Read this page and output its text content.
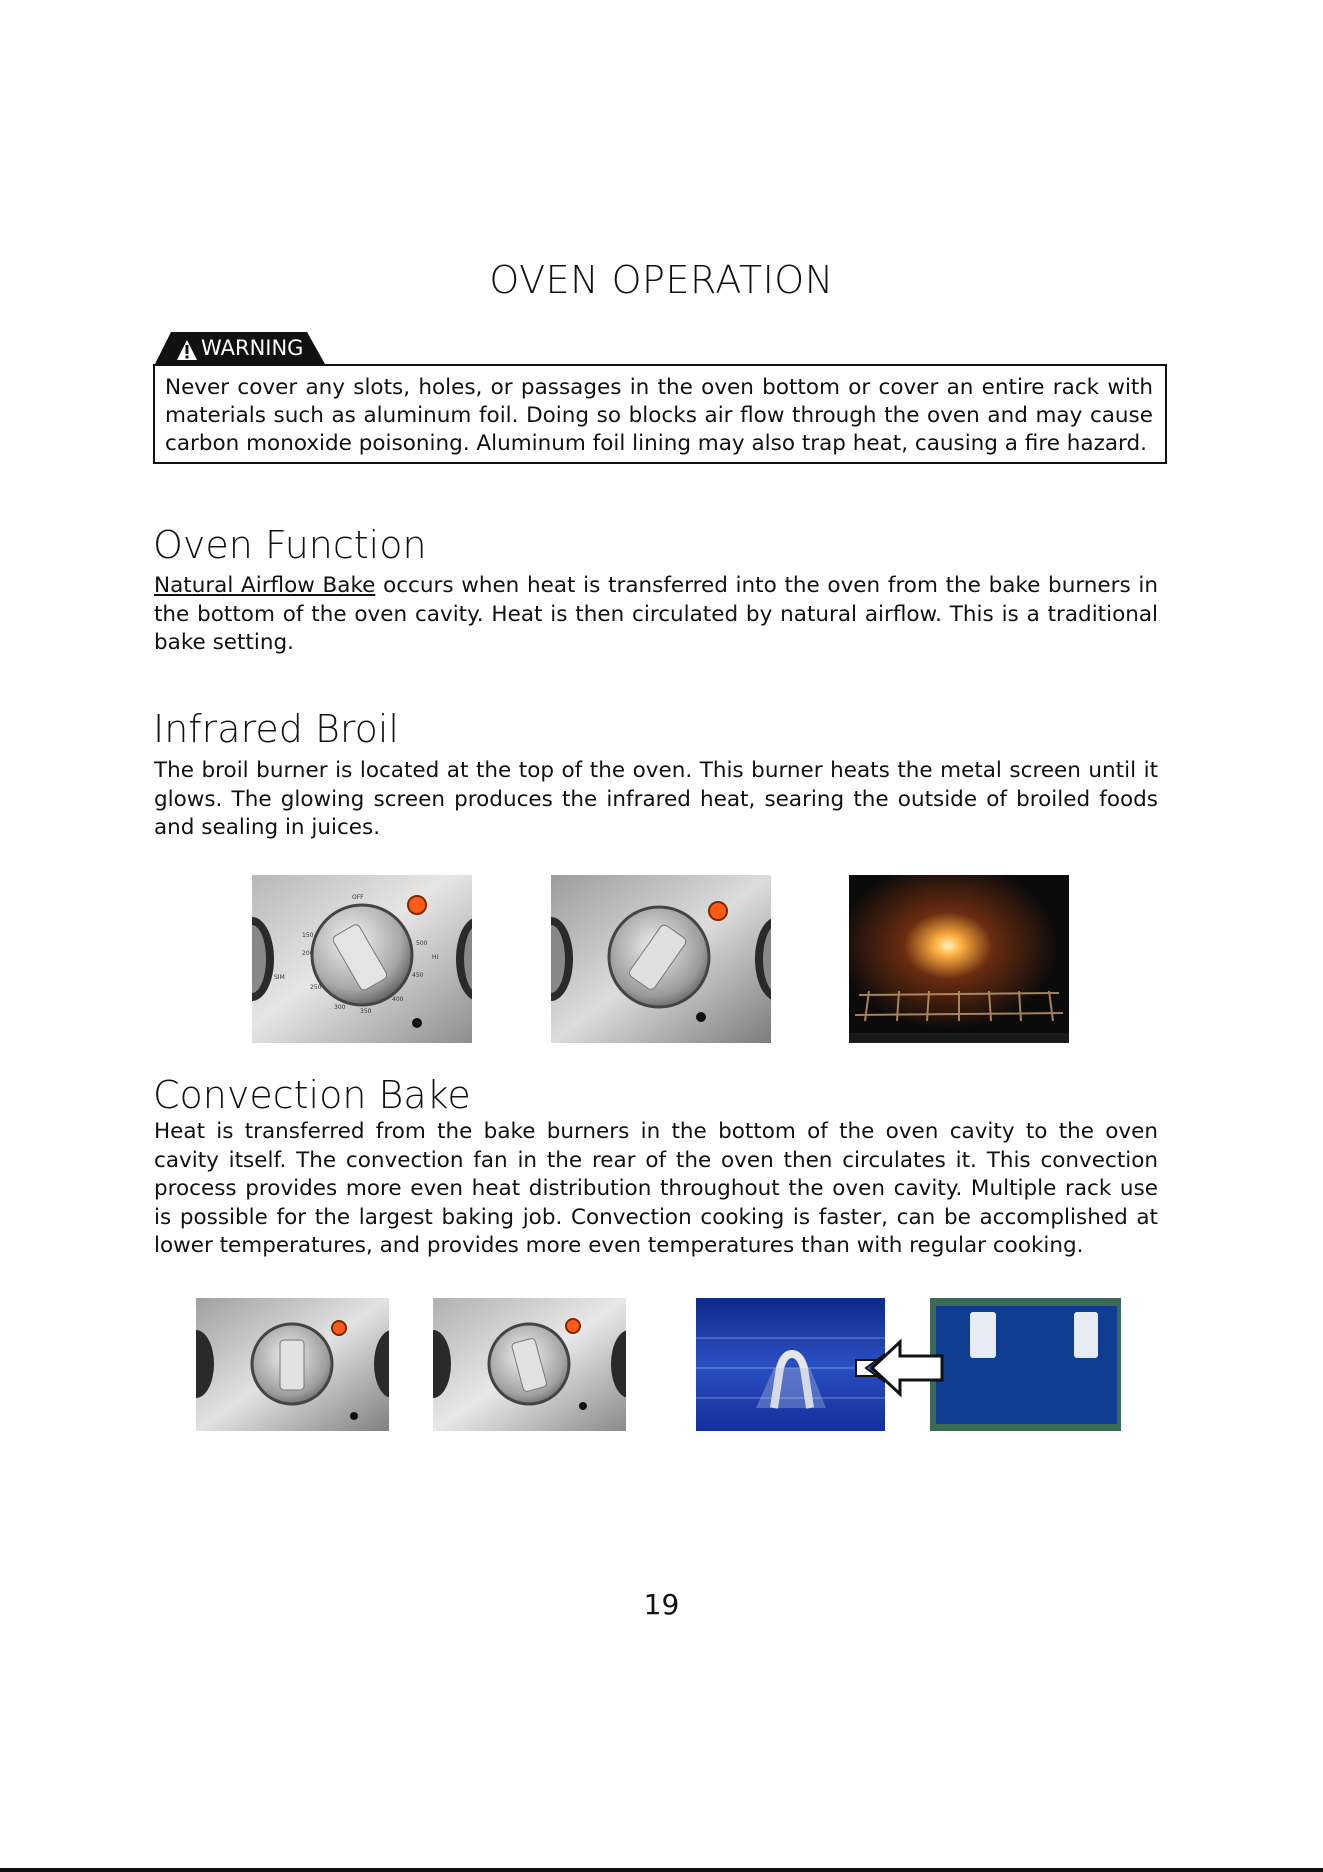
OVEN OPERATION
WARNING
Never cover any slots, holes, or passages in the oven bottom or cover an entire rack with materials such as aluminum foil. Doing so blocks air flow through the oven and may cause carbon monoxide poisoning. Aluminum foil lining may also trap heat, causing a fire hazard.
Oven Function
Natural Airflow Bake occurs when heat is transferred into the oven from the bake burners in the bottom of the oven cavity. Heat is then circulated by natural airflow. This is a traditional bake setting.
Infrared Broil
The broil burner is located at the top of the oven. This burner heats the metal screen until it glows. The glowing screen produces the infrared heat, searing the outside of broiled foods and sealing in juices.
OFF
SIM
HI
150
200
250
300
350
400
450
500
Convection Bake
Heat is transferred from the bake burners in the bottom of the oven cavity to the oven cavity itself. The convection fan in the rear of the oven then circulates it. This convection process provides more even heat distribution throughout the oven cavity. Multiple rack use is possible for the largest baking job. Convection cooking is faster, can be accomplished at lower temperatures, and provides more even temperatures than with regular cooking.
19
